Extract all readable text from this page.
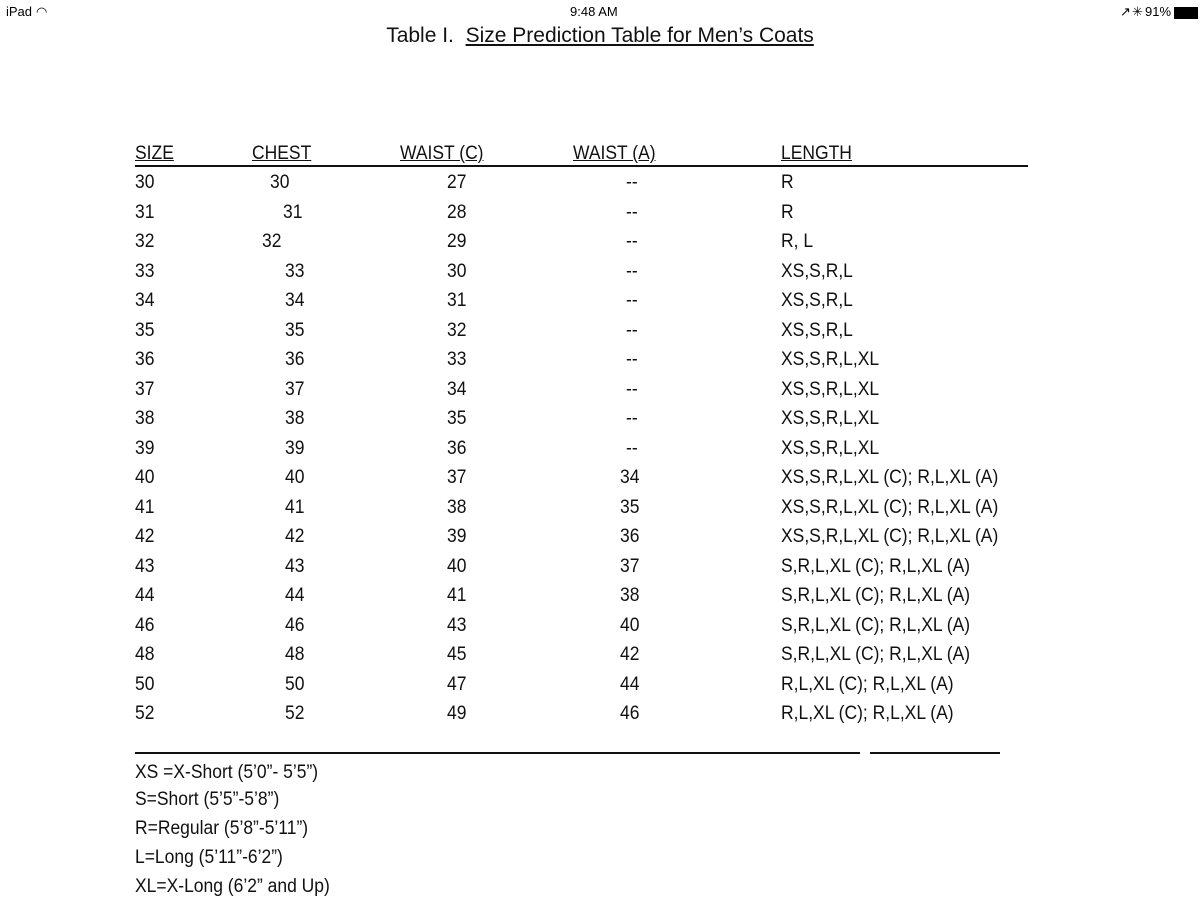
iPad ◠	9:48 AM	↗ ✳ 91%
Table I. Size Prediction Table for Men’s Coats
SIZE	CHEST	WAIST (C)	WAIST (A)	LENGTH
30	30	27	--	R
31	31	28	--	R
32	32	29	--	R, L
33	33	30	--	XS,S,R,L
34	34	31	--	XS,S,R,L
35	35	32	--	XS,S,R,L
36	36	33	--	XS,S,R,L,XL
37	37	34	--	XS,S,R,L,XL
38	38	35	--	XS,S,R,L,XL
39	39	36	--	XS,S,R,L,XL
40	40	37	34	XS,S,R,L,XL (C); R,L,XL (A)
41	41	38	35	XS,S,R,L,XL (C); R,L,XL (A)
42	42	39	36	XS,S,R,L,XL (C); R,L,XL (A)
43	43	40	37	S,R,L,XL (C); R,L,XL (A)
44	44	41	38	S,R,L,XL (C); R,L,XL (A)
46	46	43	40	S,R,L,XL (C); R,L,XL (A)
48	48	45	42	S,R,L,XL (C); R,L,XL (A)
50	50	47	44	R,L,XL (C); R,L,XL (A)
52	52	49	46	R,L,XL (C); R,L,XL (A)
XS =X-Short (5’0”- 5’5”)
S=Short (5’5”-5’8”)
R=Regular (5’8”-5’11”)
L=Long (5’11”-6’2”)
XL=X-Long (6’2” and Up)
